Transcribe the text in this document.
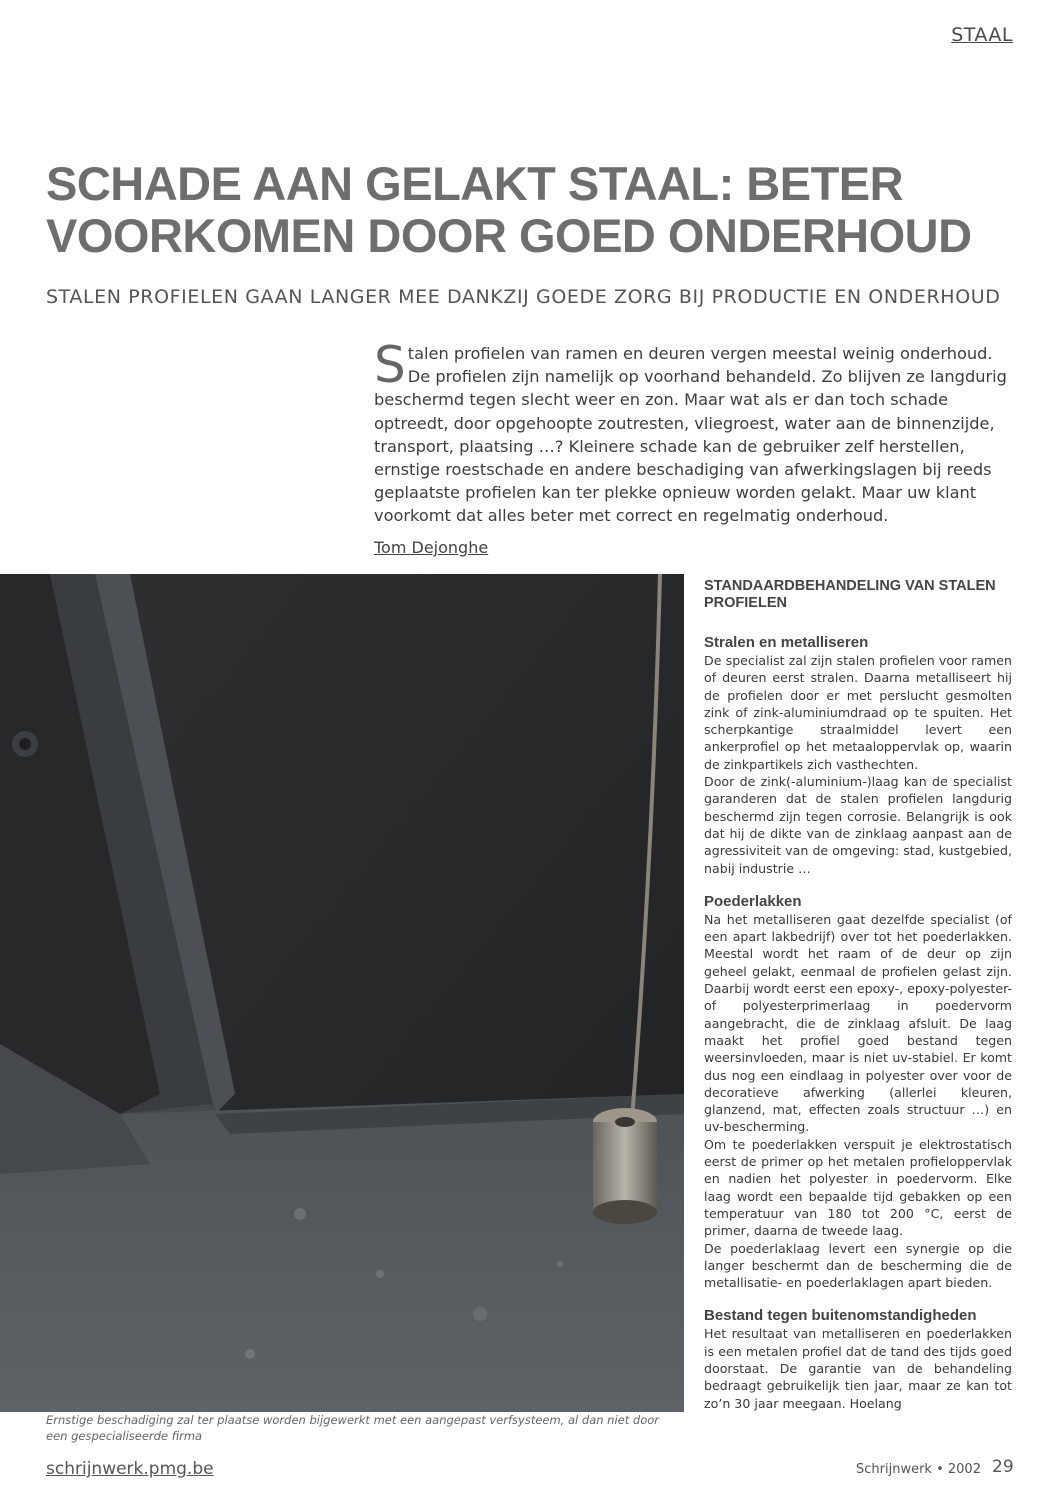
STAAL
SCHADE AAN GELAKT STAAL: BETER VOORKOMEN DOOR GOED ONDERHOUD
STALEN PROFIELEN GAAN LANGER MEE DANKZIJ GOEDE ZORG BIJ PRODUCTIE EN ONDERHOUD

Stalen profielen van ramen en deuren vergen meestal weinig onderhoud. De profielen zijn namelijk op voorhand behandeld. Zo blijven ze langdurig beschermd tegen slecht weer en zon. Maar wat als er dan toch schade optreedt, door opgehoopte zoutresten, vliegroest, water aan de binnenzijde, transport, plaatsing …? Kleinere schade kan de gebruiker zelf herstellen, ernstige roestschade en andere beschadiging van afwerkingslagen bij reeds geplaatste profielen kan ter plekke opnieuw worden gelakt. Maar uw klant voorkomt dat alles beter met correct en regelmatig onderhoud.

Tom Dejonghe
Ernstige beschadiging zal ter plaatse worden bijgewerkt met een aangepast verfsysteem, al dan niet door een gespecialiseerde firma
STANDAARDBEHANDELING VAN STALEN PROFIELEN
Stralen en metalliseren

De specialist zal zijn stalen profielen voor ramen of deuren eerst stralen. Daarna metalliseert hij de profielen door er met perslucht gesmolten zink of zink-aluminiumdraad op te spuiten. Het scherpkantige straalmiddel levert een ankerprofiel op het metaaloppervlak op, waarin de zinkpartikels zich vasthechten.

Door de zink(-aluminium-)laag kan de specialist garanderen dat de stalen profielen langdurig beschermd zijn tegen corrosie. Belangrijk is ook dat hij de dikte van de zinklaag aanpast aan de agressiviteit van de omgeving: stad, kustgebied, nabij industrie …

Poederlakken

Na het metalliseren gaat dezelfde specialist (of een apart lakbedrijf) over tot het poederlakken. Meestal wordt het raam of de deur op zijn geheel gelakt, eenmaal de profielen gelast zijn. Daarbij wordt eerst een epoxy-, epoxy-polyester- of polyesterprimerlaag in poedervorm aangebracht, die de zinklaag afsluit. De laag maakt het profiel goed bestand tegen weersinvloeden, maar is niet uv-stabiel. Er komt dus nog een eindlaag in polyester over voor de decoratieve afwerking (allerlei kleuren, glanzend, mat, effecten zoals structuur …) en uv-bescherming.

Om te poederlakken verspuit je elektrostatisch eerst de primer op het metalen profieloppervlak en nadien het polyester in poedervorm. Elke laag wordt een bepaalde tijd gebakken op een temperatuur van 180 tot 200 °C, eerst de primer, daarna de tweede laag.

De poederlaklaag levert een synergie op die langer beschermt dan de bescherming die de metallisatie- en poederlaklagen apart bieden.

Bestand tegen buitenomstandigheden

Het resultaat van metalliseren en poederlakken is een metalen profiel dat de tand des tijds goed doorstaat. De garantie van de behandeling bedraagt gebruikelijk tien jaar, maar ze kan tot zo’n 30 jaar meegaan. Hoelang

schrijnwerk.pmg.be	Schrijnwerk • 2002 29
